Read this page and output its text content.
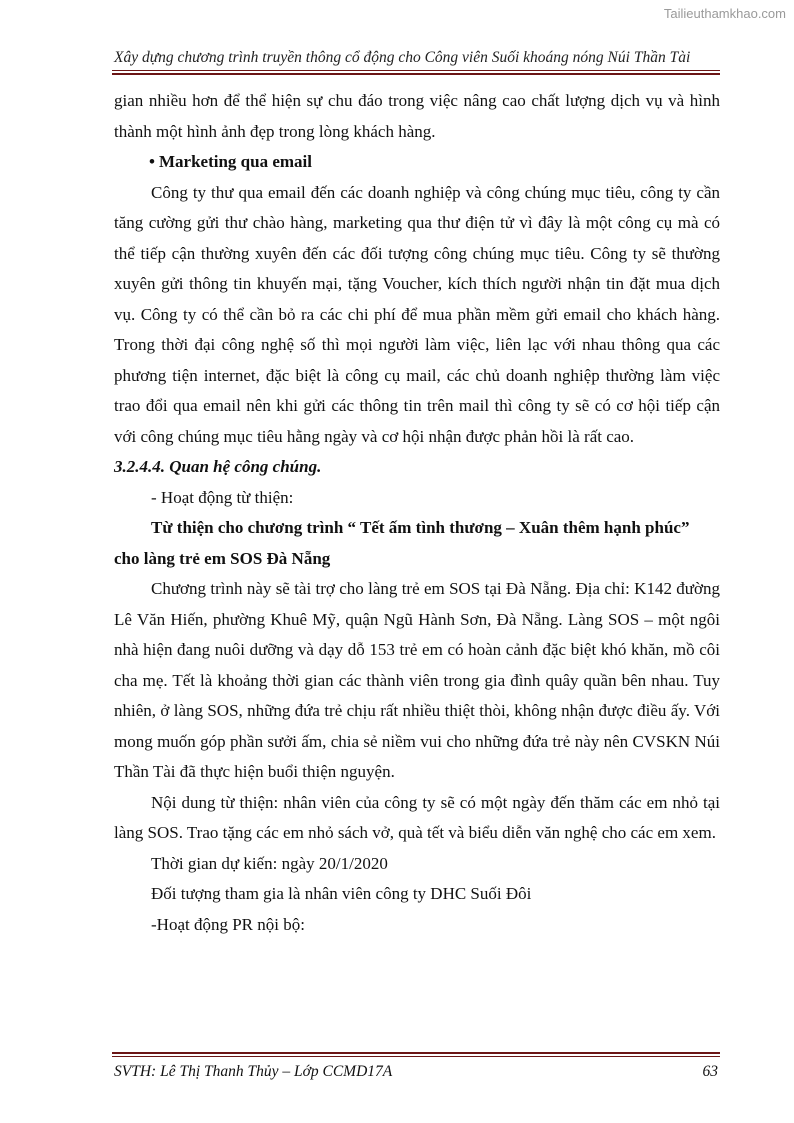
Tailieuthamkhao.com
Xây dựng chương trình truyền thông cổ động cho Công viên Suối khoáng nóng Núi Thần Tài

gian nhiều hơn để thể hiện sự chu đáo trong việc nâng cao chất lượng dịch vụ và hình thành một hình ảnh đẹp trong lòng khách hàng.

• Marketing qua email

Công ty thư qua email đến các doanh nghiệp và công chúng mục tiêu, công ty cần tăng cường gửi thư chào hàng, marketing qua thư điện tử vì đây là một công cụ mà có thể tiếp cận thường xuyên đến các đối tượng công chúng mục tiêu. Công ty sẽ thường xuyên gửi thông tin khuyến mại, tặng Voucher, kích thích người nhận tin đặt mua dịch vụ. Công ty có thể cần bỏ ra các chi phí để mua phần mềm gửi email cho khách hàng. Trong thời đại công nghệ số thì mọi người làm việc, liên lạc với nhau thông qua các phương tiện internet, đặc biệt là công cụ mail, các chủ doanh nghiệp thường làm việc trao đổi qua email nên khi gửi các thông tin trên mail thì công ty sẽ có cơ hội tiếp cận với công chúng mục tiêu hằng ngày và cơ hội nhận được phản hồi là rất cao.

3.2.4.4. Quan hệ công chúng.

- Hoạt động từ thiện:

Từ thiện cho chương trình “ Tết ấm tình thương – Xuân thêm hạnh phúc”

cho làng trẻ em SOS Đà Nẵng

Chương trình này sẽ tài trợ cho làng trẻ em SOS tại Đà Nẵng. Địa chỉ: K142 đường Lê Văn Hiến, phường Khuê Mỹ, quận Ngũ Hành Sơn, Đà Nẵng. Làng SOS – một ngôi nhà hiện đang nuôi dưỡng và dạy dỗ 153 trẻ em có hoàn cảnh đặc biệt khó khăn, mồ côi cha mẹ. Tết là khoảng thời gian các thành viên trong gia đình quây quần bên nhau. Tuy nhiên, ở làng SOS, những đứa trẻ chịu rất nhiều thiệt thòi, không nhận được điều ấy. Với mong muốn góp phần sưởi ấm, chia sẻ niềm vui cho những đứa trẻ này nên CVSKN Núi Thần Tài đã thực hiện buổi thiện nguyện.

Nội dung từ thiện: nhân viên của công ty sẽ có một ngày đến thăm các em nhỏ tại làng SOS. Trao tặng các em nhỏ sách vở, quà tết và biểu diễn văn nghệ cho các em xem.

Thời gian dự kiến: ngày 20/1/2020

Đối tượng tham gia là nhân viên công ty DHC Suối Đôi

-Hoạt động PR nội bộ:

SVTH: Lê Thị Thanh Thủy – Lớp CCMD17A	63
